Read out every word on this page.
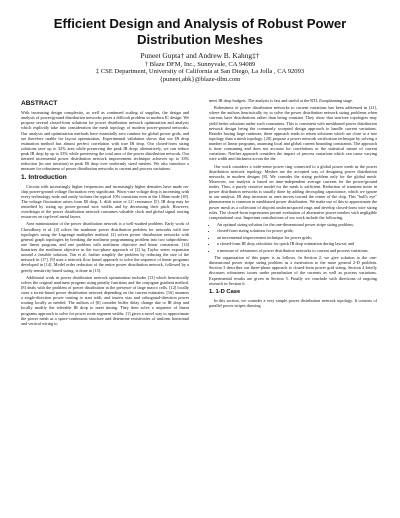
Efficient Design and Analysis of Robust Power
Distribution Meshes
Puneet Gupta† and Andrew B. Kahng‡†
† Blaze DFM, Inc., Sunnyvale, CA 94089
‡ CSE Department, University of California at San Diego, La Jolla , CA 92093
{puneet,abk}@blaze-dfm.com
ABSTRACT

With increasing design complexity, as well as continued scaling of supplies, the design and analysis of power/ground distribution networks poses a difficult problem in modern IC design. We propose several closed-form solutions for power distribution network optimization and analysis which explicitly take into consideration the mesh topology of modern power-ground networks. Our analysis and optimization methods have essentially zero runtime for global power grids, and are therefore usable for layout optimization. Experimental validation shows that our IR drop estimation method has almost perfect correlation with true IR drop. Our closed-form sizing solutions save up to 32% area while preserving the peak IR drop; alternatively, we can reduce peak IR drop by up to 33% while preserving the total area of the power distribution network. Our iterated incremental power distribution network improvement technique achieves up to 33% reduction (in one iteration) in peak IR drop over uniformly sized meshes. We also introduce a measure for robustness of power distribution networks to current and process variations.

1. Introduction

Circuits with increasingly higher frequencies and increasingly higher densities have made on-chip power-ground voltage fluctuation very significant. Worst-case voltage drop is increasing with every technology node and easily violates the typical 10% constraint even at the 130nm node [18]. The voltage fluctuation arises from IR drop, L di/dt noise or LC resonance [5]. IR drop may be remedied by sizing up power-ground wire widths and by decreasing their pitch. However, overdesign of the power distribution network consumes valuable clock and global signal routing resources on top-level metal layers.

Area minimization of the power distribution network is a well-studied problem. Early work of Chowdhury et al. [4] solves the nonlinear power distribution problem for networks with tree topologies using the Lagrange multiplier method. [2] solves power distribution networks with general graph topologies by breaking the nonlinear programming problem into two subproblems: one linear program, and one problem with nonlinear objective and linear constraints. [14] linearizes the nonlinear objective in the two-phase approach of [2] by Taylor series expansion around a feasible solution. Tan et al. further simplify the problem by reducing the size of the network in [17]. [9] uses a network flow based approach to solve the sequence of linear programs developed in [14]. Model order reduction of the entire power distribution network, followed by a greedy sensitivity-based sizing, is done in [15].

Additional work in power distribution network optimization includes [13] which heuristically solves the original nonlinear program using penalty functions and the conjugate gradient method. [8] deals with the problem of power distribution in the presence of large macro cells. [12] locally sizes a forest-based power distribution network depending on the current estimates. [16] assumes a single-direction power routing to start with, and inserts vias and orthogonal-direction power routing locally as needed. The authors of [6] consider buffer delay change due to IR drop and locally modify the tolerable IR drop to meet timing. They then solve a sequence of linear programs approach to solve for power route segment widths. [1] gives a novel way to approximate the power mesh as a space-continuous structure and determine resistivities of uniform horizontal and vertical wiring to

meet IR drop budgets. The analysis is fast and useful at the RTL floorplanning stage.

Robustness of power distribution networks to current variations has been addressed in [21], where the authors heuristically try to solve the power distribution network sizing problems when currents have distributions rather than being constant. They show that non-tree topologies may yield better solutions under such constraints. This is consistent with meshbased power distribution network design being the commonly accepted design approach to handle current variations. Besides having large runtimes, these approach tends to return solutions which are close to a tree topology than a mesh topology. [20] propose a power network verification technique by solving a number of linear programs, assuming local and global current bounding constraints. The approach is time consuming and does not account for correlations or the statistical nature of current variations. Neither approach considers the impact of process variations which can cause varying wire width and thickness across the die.

Our work considers a wide-sense power ring connected to a global power mesh as the power distribution network topology. Meshes are the accepted way of designing power distribution networks in modern designs [8]. We consider the sizing problem only for the global mesh. Moreover, our analysis is based on time-independent average currents for the power/ground nodes. Thus, a purely resistive model for the mesh is sufficient. Reduction of transient noise in power distribution networks is usually done by adding decoupling capacitance, which we ignore in our analysis. IR drop increases as ones moves toward the center of the chip. This "bull's eye" phenomenon is common in meshbased power distribution. We make use of this to approximate the power mesh as a collection of disjoint uniform/spaced rings and develop closed-form wire sizing rules. The closed-form expressions permit evaluation of alternative power meshes with negligible computational cost. Important contributions of our work include the following.

• An optimal sizing solution for the one-dimensional power stripe sizing problem;
• closed-form sizing solutions for power grids;
• an incremental improvement technique for power grids;
• a closed-form IR drop calculator for quick IR drop estimation during layout; and
• a measure of robustness of power distribution networks to current and process variations.

The organization of this paper is as follows. In Section 2, we give solution to the one-dimensional power stripe sizing problem as a motivation to the more general 2-D problem. Section 3 describes our three-phase approach to closed-form power grid sizing. Section 4 briefly discusses robustness issues under perturbation of the currents as well as process variations. Experimental results are given in Section 5. Finally we conclude with directions of ongoing research in Section 6.

1. 1-D Case

In this section, we consider a very simple power distribution network topology. It consists of parallel power stripes drawing
